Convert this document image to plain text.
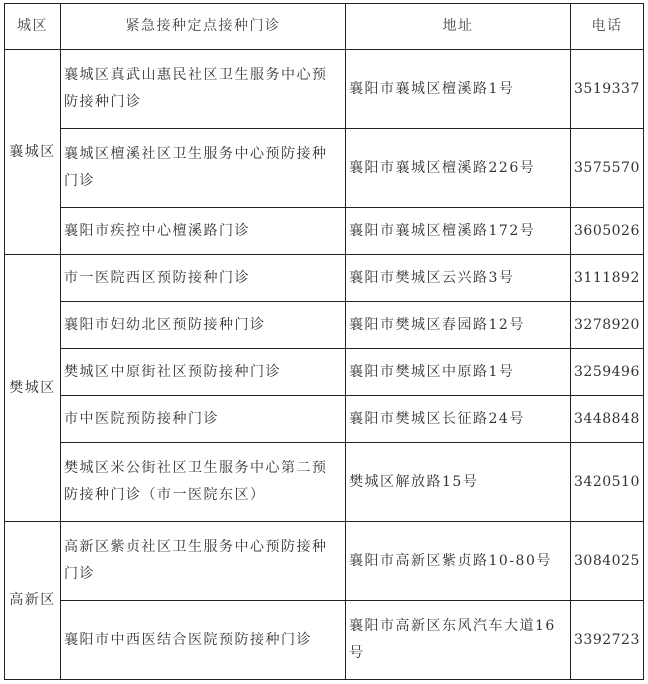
城区	紧急接种定点接种门诊	地址	电话
襄城区	襄城区真武山惠民社区卫生服务中心预防接种门诊	襄阳市襄城区檀溪路1号	3519337
	襄城区檀溪社区卫生服务中心预防接种门诊	襄阳市襄城区檀溪路226号	3575570
	襄阳市疾控中心檀溪路门诊	襄阳市襄城区檀溪路172号	3605026
樊城区	市一医院西区预防接种门诊	襄阳市樊城区云兴路3号	3111892
	襄阳市妇幼北区预防接种门诊	襄阳市樊城区春园路12号	3278920
	樊城区中原街社区预防接种门诊	襄阳市樊城区中原路1号	3259496
	市中医院预防接种门诊	襄阳市樊城区长征路24号	3448848
	樊城区米公街社区卫生服务中心第二预防接种门诊（市一医院东区）	樊城区解放路15号	3420510
高新区	高新区紫贞社区卫生服务中心预防接种门诊	襄阳市高新区紫贞路10-80号	3084025
	襄阳市中西医结合医院预防接种门诊	襄阳市高新区东风汽车大道16号	3392723
